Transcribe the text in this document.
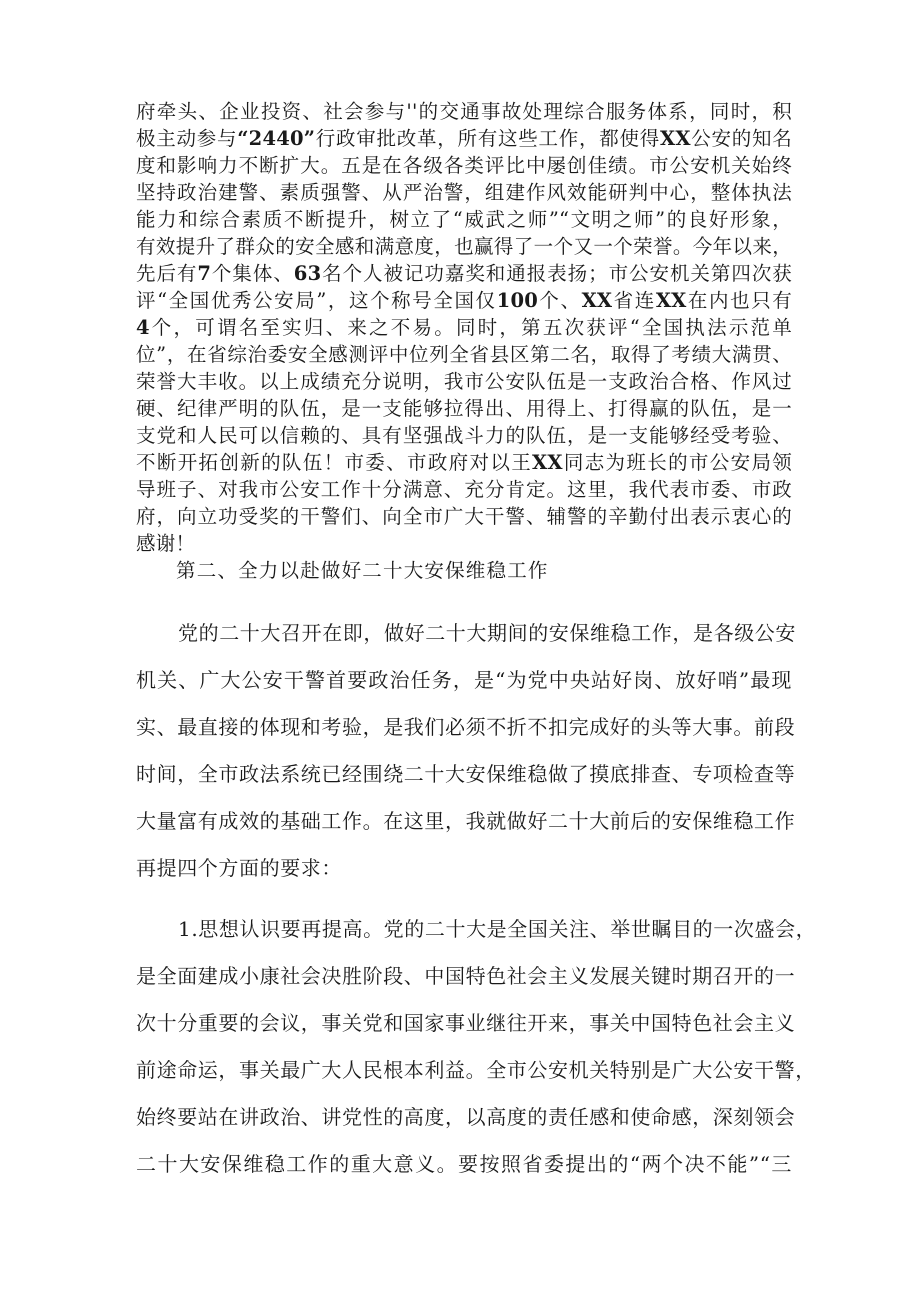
府牵头、企业投资、社会参与''的交通事故处理综合服务体系，同时，积
极主动参与“2440”行政审批改革，所有这些工作，都使得XX公安的知名
度和影响力不断扩大。五是在各级各类评比中屡创佳绩。市公安机关始终
坚持政治建警、素质强警、从严治警，组建作风效能研判中心，整体执法
能力和综合素质不断提升，树立了“威武之师”“文明之师”的良好形象，
有效提升了群众的安全感和满意度，也赢得了一个又一个荣誉。今年以来，
先后有7个集体、63名个人被记功嘉奖和通报表扬；市公安机关第四次获
评“全国优秀公安局”，这个称号全国仅100个、XX省连XX在内也只有
4个，可谓名至实归、来之不易。同时，第五次获评“全国执法示范单
位”，在省综治委安全感测评中位列全省县区第二名，取得了考绩大满贯、
荣誉大丰收。以上成绩充分说明，我市公安队伍是一支政治合格、作风过
硬、纪律严明的队伍，是一支能够拉得出、用得上、打得赢的队伍，是一
支党和人民可以信赖的、具有坚强战斗力的队伍，是一支能够经受考验、
不断开拓创新的队伍！市委、市政府对以王XX同志为班长的市公安局领
导班子、对我市公安工作十分满意、充分肯定。这里，我代表市委、市政
府，向立功受奖的干警们、向全市广大干警、辅警的辛勤付出表示衷心的
感谢！
第二、全力以赴做好二十大安保维稳工作
党的二十大召开在即，做好二十大期间的安保维稳工作，是各级公安
机关、广大公安干警首要政治任务，是“为党中央站好岗、放好哨”最现
实、最直接的体现和考验，是我们必须不折不扣完成好的头等大事。前段
时间，全市政法系统已经围绕二十大安保维稳做了摸底排查、专项检查等
大量富有成效的基础工作。在这里，我就做好二十大前后的安保维稳工作
再提四个方面的要求：
1.思想认识要再提高。党的二十大是全国关注、举世瞩目的一次盛会，
是全面建成小康社会决胜阶段、中国特色社会主义发展关键时期召开的一
次十分重要的会议，事关党和国家事业继往开来，事关中国特色社会主义
前途命运，事关最广大人民根本利益。全市公安机关特别是广大公安干警，
始终要站在讲政治、讲党性的高度，以高度的责任感和使命感，深刻领会
二十大安保维稳工作的重大意义。要按照省委提出的“两个决不能”“三
